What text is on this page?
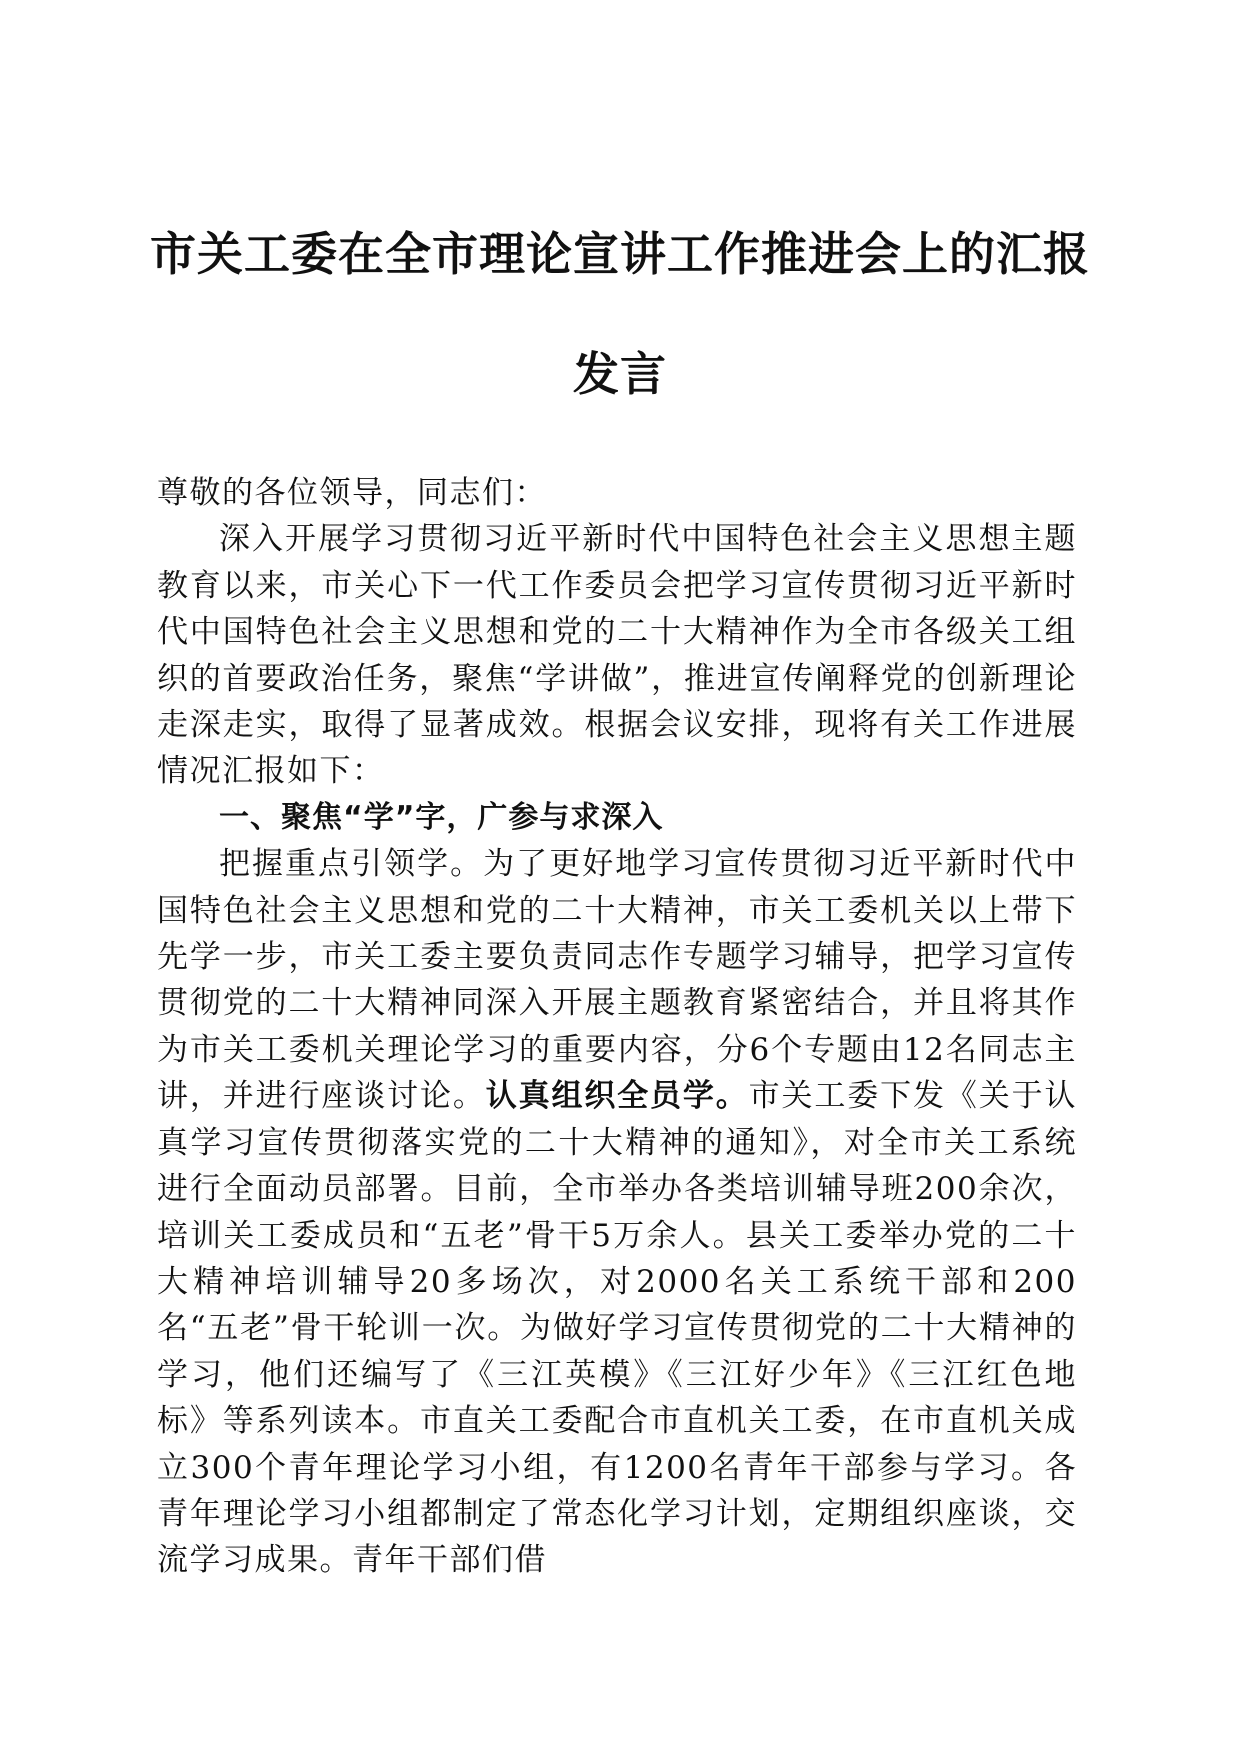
市关工委在全市理论宣讲工作推进会上的汇报
发言

尊敬的各位领导，同志们：

深入开展学习贯彻习近平新时代中国特色社会主义思想主题教育以来，市关心下一代工作委员会把学习宣传贯彻习近平新时代中国特色社会主义思想和党的二十大精神作为全市各级关工组织的首要政治任务，聚焦“学讲做”，推进宣传阐释党的创新理论走深走实，取得了显著成效。根据会议安排，现将有关工作进展情况汇报如下：

一、聚焦“学”字，广参与求深入

把握重点引领学。为了更好地学习宣传贯彻习近平新时代中国特色社会主义思想和党的二十大精神，市关工委机关以上带下先学一步，市关工委主要负责同志作专题学习辅导，把学习宣传贯彻党的二十大精神同深入开展主题教育紧密结合，并且将其作为市关工委机关理论学习的重要内容，分6个专题由12名同志主讲，并进行座谈讨论。认真组织全员学。市关工委下发《关于认真学习宣传贯彻落实党的二十大精神的通知》，对全市关工系统进行全面动员部署。目前，全市举办各类培训辅导班200余次，培训关工委成员和“五老”骨干5万余人。县关工委举办党的二十大精神培训辅导20多场次，对2000名关工系统干部和200名“五老”骨干轮训一次。为做好学习宣传贯彻党的二十大精神的学习，他们还编写了《三江英模》《三江好少年》《三江红色地标》等系列读本。市直关工委配合市直机关工委，在市直机关成立300个青年理论学习小组，有1200名青年干部参与学习。各青年理论学习小组都制定了常态化学习计划，定期组织座谈，交流学习成果。青年干部们借
